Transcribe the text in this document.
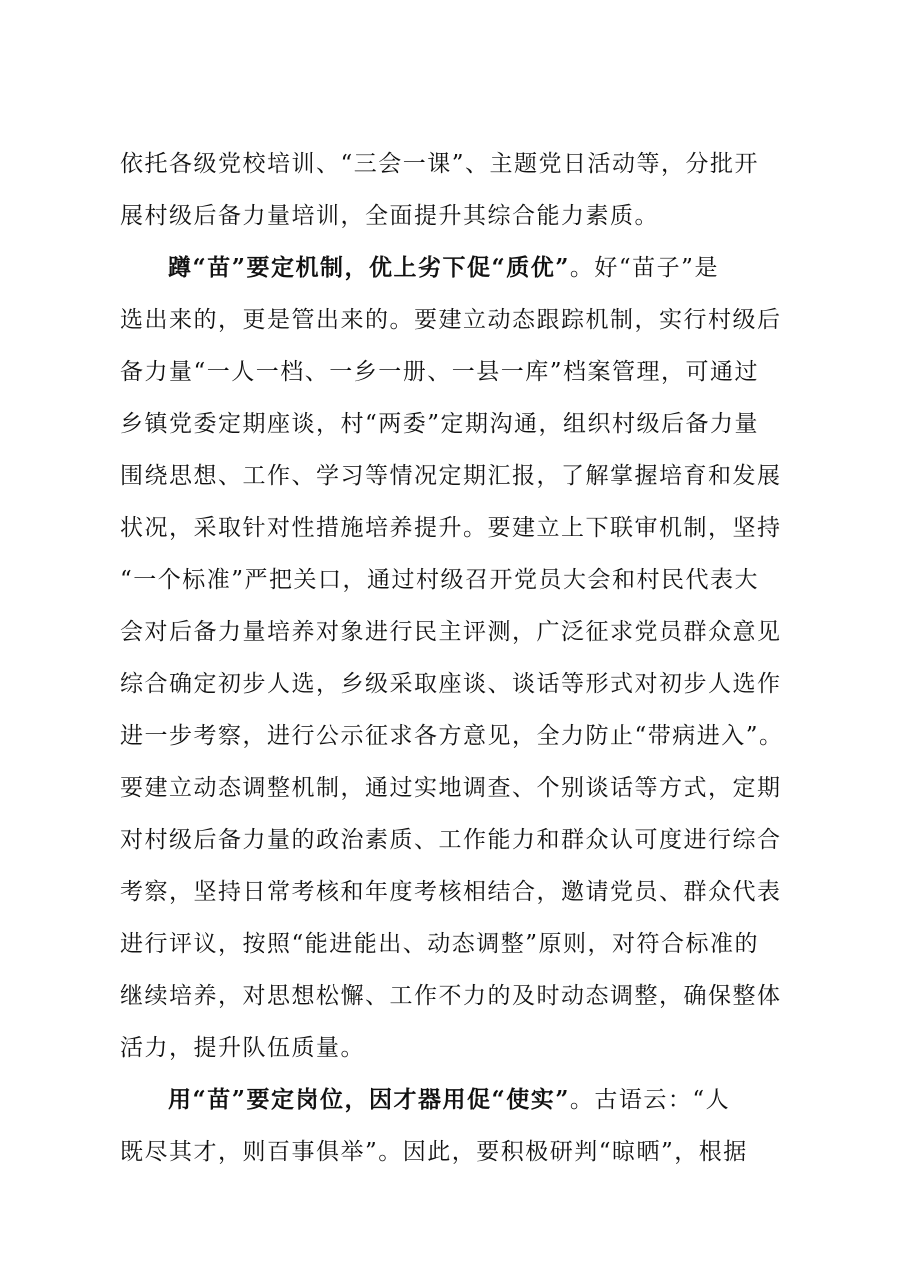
依托各级党校培训、“三会一课”、主题党日活动等，分批开
展村级后备力量培训，全面提升其综合能力素质。
蹲“苗”要定机制，优上劣下促“质优”。好“苗子”是
选出来的，更是管出来的。要建立动态跟踪机制，实行村级后
备力量“一人一档、一乡一册、一县一库”档案管理，可通过
乡镇党委定期座谈，村“两委”定期沟通，组织村级后备力量
围绕思想、工作、学习等情况定期汇报，了解掌握培育和发展
状况，采取针对性措施培养提升。要建立上下联审机制，坚持
“一个标准”严把关口，通过村级召开党员大会和村民代表大
会对后备力量培养对象进行民主评测，广泛征求党员群众意见
综合确定初步人选，乡级采取座谈、谈话等形式对初步人选作
进一步考察，进行公示征求各方意见，全力防止“带病进入”。
要建立动态调整机制，通过实地调查、个别谈话等方式，定期
对村级后备力量的政治素质、工作能力和群众认可度进行综合
考察，坚持日常考核和年度考核相结合，邀请党员、群众代表
进行评议，按照“能进能出、动态调整”原则，对符合标准的
继续培养，对思想松懈、工作不力的及时动态调整，确保整体
活力，提升队伍质量。
用“苗”要定岗位，因才器用促“使实”。古语云：“人
既尽其才，则百事俱举”。因此，要积极研判“晾晒”，根据
